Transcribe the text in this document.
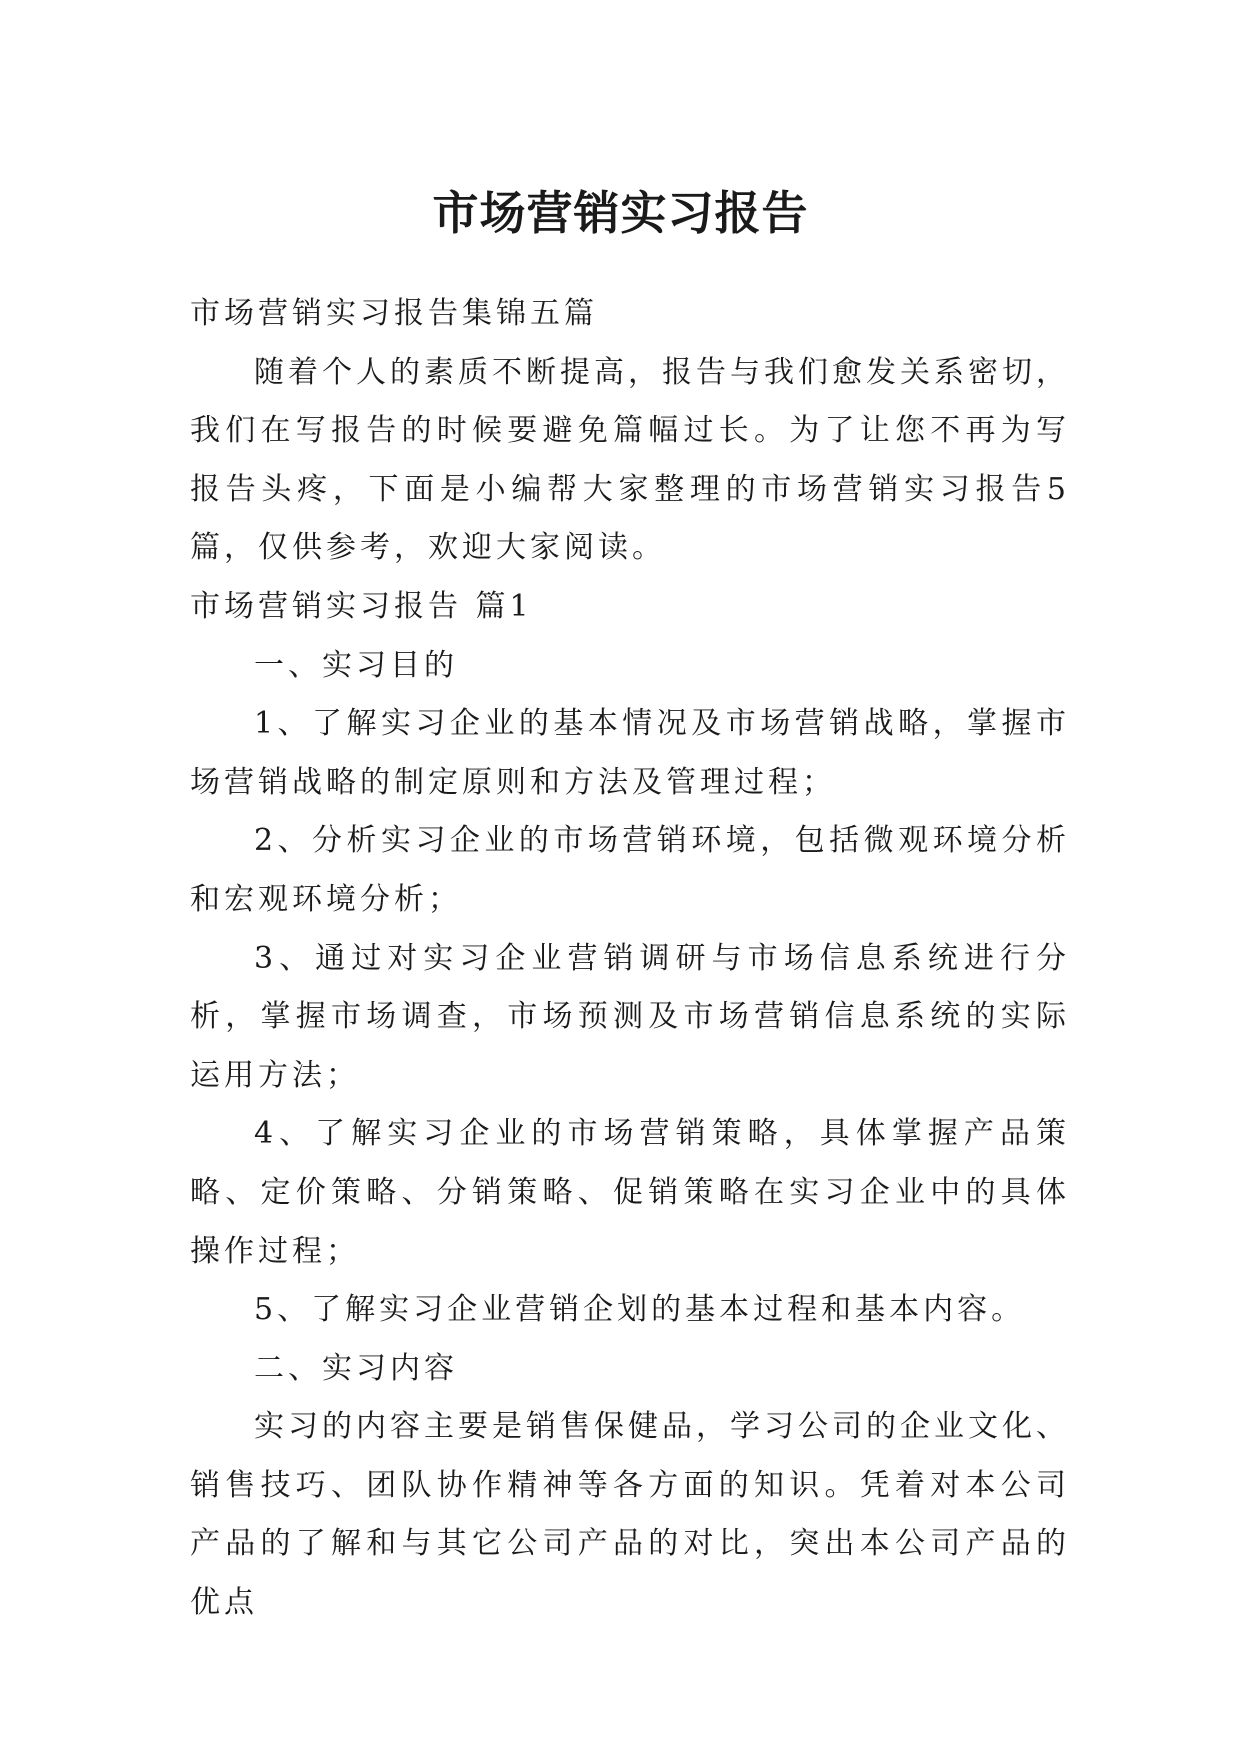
市场营销实习报告

市场营销实习报告集锦五篇

随着个人的素质不断提高，报告与我们愈发关系密切，我们在写报告的时候要避免篇幅过长。为了让您不再为写报告头疼，下面是小编帮大家整理的市场营销实习报告5篇，仅供参考，欢迎大家阅读。

市场营销实习报告 篇1

一、实习目的

1、了解实习企业的基本情况及市场营销战略，掌握市场营销战略的制定原则和方法及管理过程；

2、分析实习企业的市场营销环境，包括微观环境分析和宏观环境分析；

3、通过对实习企业营销调研与市场信息系统进行分析，掌握市场调查，市场预测及市场营销信息系统的实际运用方法；

4、了解实习企业的市场营销策略，具体掌握产品策略、定价策略、分销策略、促销策略在实习企业中的具体操作过程；

5、了解实习企业营销企划的基本过程和基本内容。

二、实习内容

实习的内容主要是销售保健品，学习公司的企业文化、销售技巧、团队协作精神等各方面的知识。凭着对本公司产品的了解和与其它公司产品的对比，突出本公司产品的优点
